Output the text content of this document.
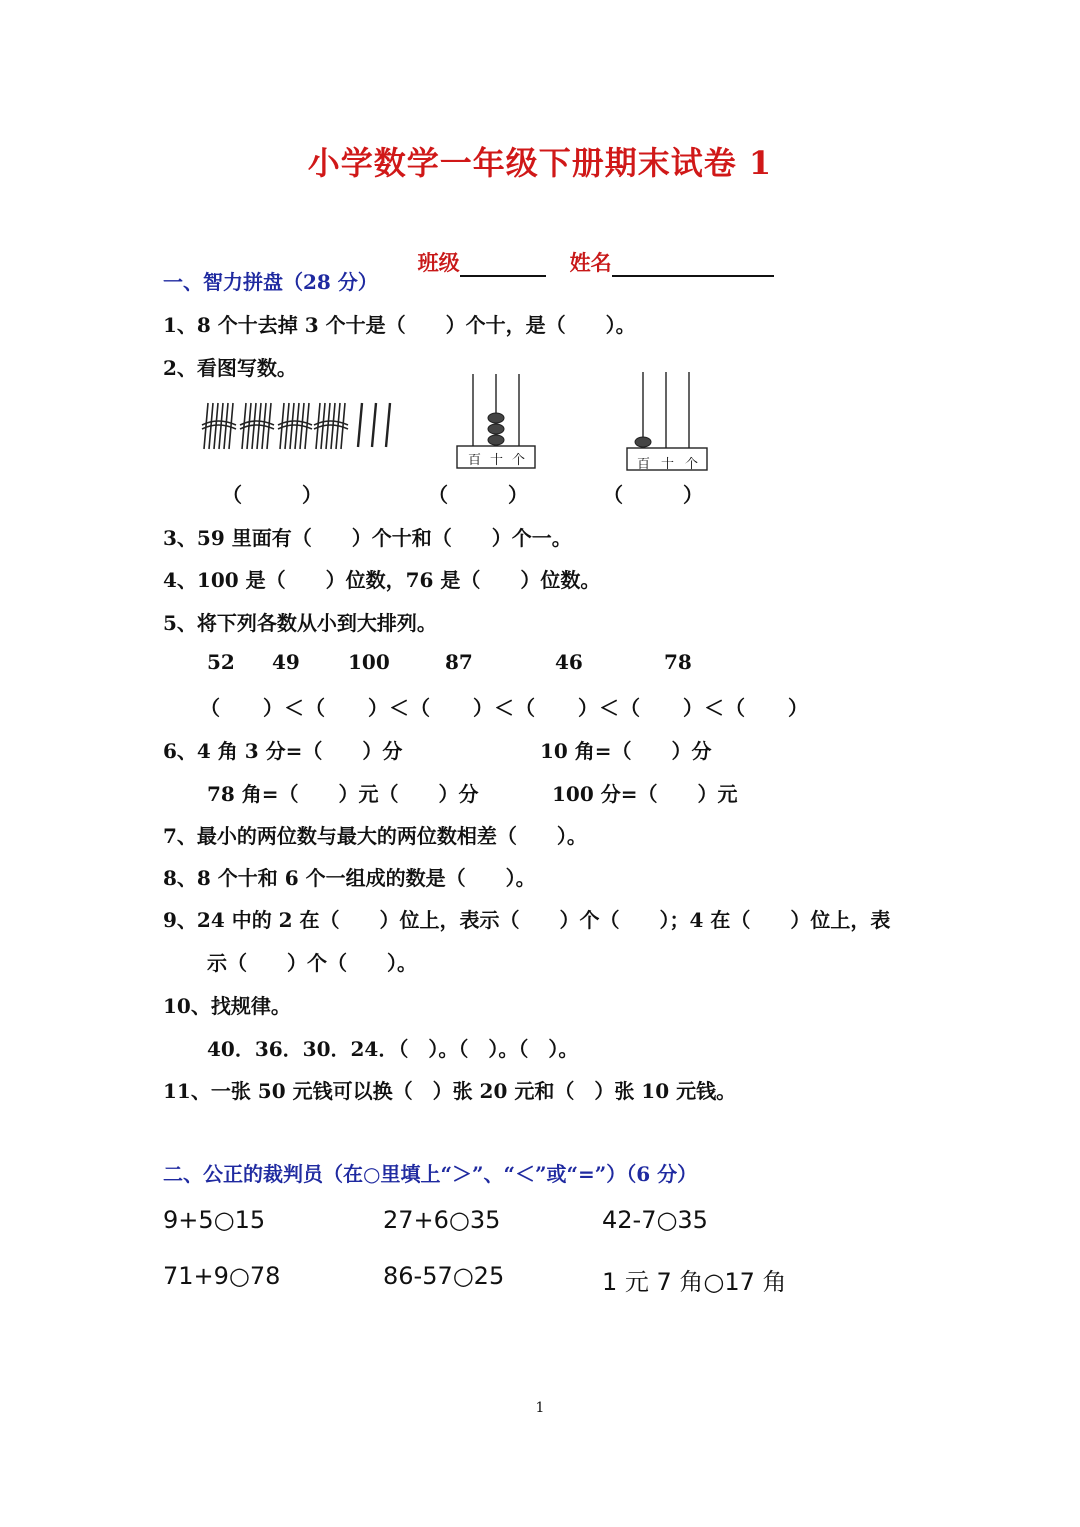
小学数学一年级下册期末试卷 1

班级	姓名

一、智力拼盘（28 分）
1、8 个十去掉 3 个十是（　　）个十，是（　　）。
2、看图写数。
百 十 个	百 十 个
（　　　）	（　　　）	（　　　）
3、59 里面有（　　）个十和（　　）个一。
4、100 是（　　）位数，76 是（　　）位数。
5、将下列各数从小到大排列。
52 49 100	87	46	78
（　　）＜（　　）＜（　　）＜（　　）＜（　　）＜（　　）
6、4 角 3 分=（　　）分	10 角=（　　）分
78 角=（　　）元（　　）分	100 分=（　　）元
7、最小的两位数与最大的两位数相差（　　）。
8、8 个十和 6 个一组成的数是（　　）。
9、24 中的 2 在（　　）位上，表示（　　）个（　　）；4 在（　　）位上，表
示（　　）个（　　）。
10、找规律。
40．36．30．24．（　）。（　）。（　）。
11、一张 50 元钱可以换（　）张 20 元和（　）张 10 元钱。
二、公正的裁判员（在○里填上“＞”、“＜”或“=”）（6 分）
9+5○15	27+6○35	42-7○35
71+9○78	86-57○25	1 元 7 角○17 角
1
